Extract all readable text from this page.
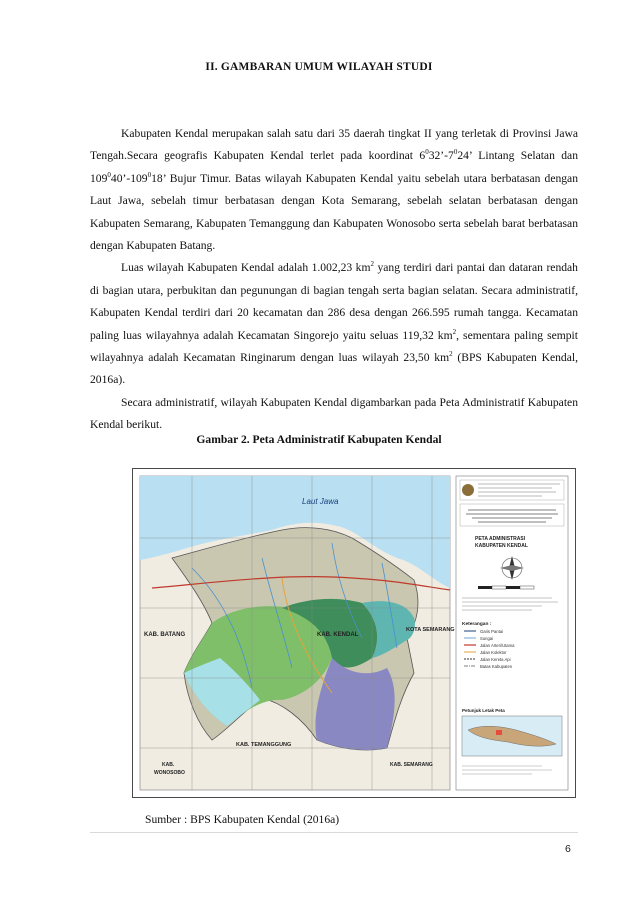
II. GAMBARAN UMUM WILAYAH STUDI

Kabupaten Kendal merupakan salah satu dari 35 daerah tingkat II yang terletak di Provinsi Jawa Tengah.Secara geografis Kabupaten Kendal terlet pada koordinat $6^032’-7^024$’ Lintang Selatan dan $109^040’-109^018$’ Bujur Timur. Batas wilayah Kabupaten Kendal yaitu sebelah utara berbatasan dengan Laut Jawa, sebelah timur berbatasan dengan Kota Semarang, sebelah selatan berbatasan dengan Kabupaten Semarang, Kabupaten Temanggung dan Kabupaten Wonosobo serta sebelah barat berbatasan dengan Kabupaten Batang.

Luas wilayah Kabupaten Kendal adalah 1.002,23 $km^2$ yang terdiri dari pantai dan dataran rendah di bagian utara, perbukitan dan pegunungan di bagian tengah serta bagian selatan. Secara administratif, Kabupaten Kendal terdiri dari 20 kecamatan dan 286 desa dengan 266.595 rumah tangga. Kecamatan paling luas wilayahnya adalah Kecamatan Singorejo yaitu seluas 119,32 $km^2$, sementara paling sempit wilayahnya adalah Kecamatan Ringinarum dengan luas wilayah 23,50 $km^2$ (BPS Kabupaten Kendal, 2016a).

Secara administratif, wilayah Kabupaten Kendal digambarkan pada Peta Administratif Kabupaten Kendal berikut.

Gambar 2. Peta Administratif Kabupaten Kendal
Laut Jawa
KAB. BATANG	KAB. KENDAL
KOTA SEMARANG
KAB. TEMANGGUNG
KAB.
WONOSOBO
KAB. SEMARANG
PETA ADMINISTRASI
KABUPATEN KENDAL
Keterangan :
Garis Pantai
Sungai
Jalan Arteri/Utama
Jalan Kolektor
Jalan Kereta Api
Batas Kabupaten
Petunjuk Letak Peta
Sumber : BPS Kabupaten Kendal (2016a)
6
